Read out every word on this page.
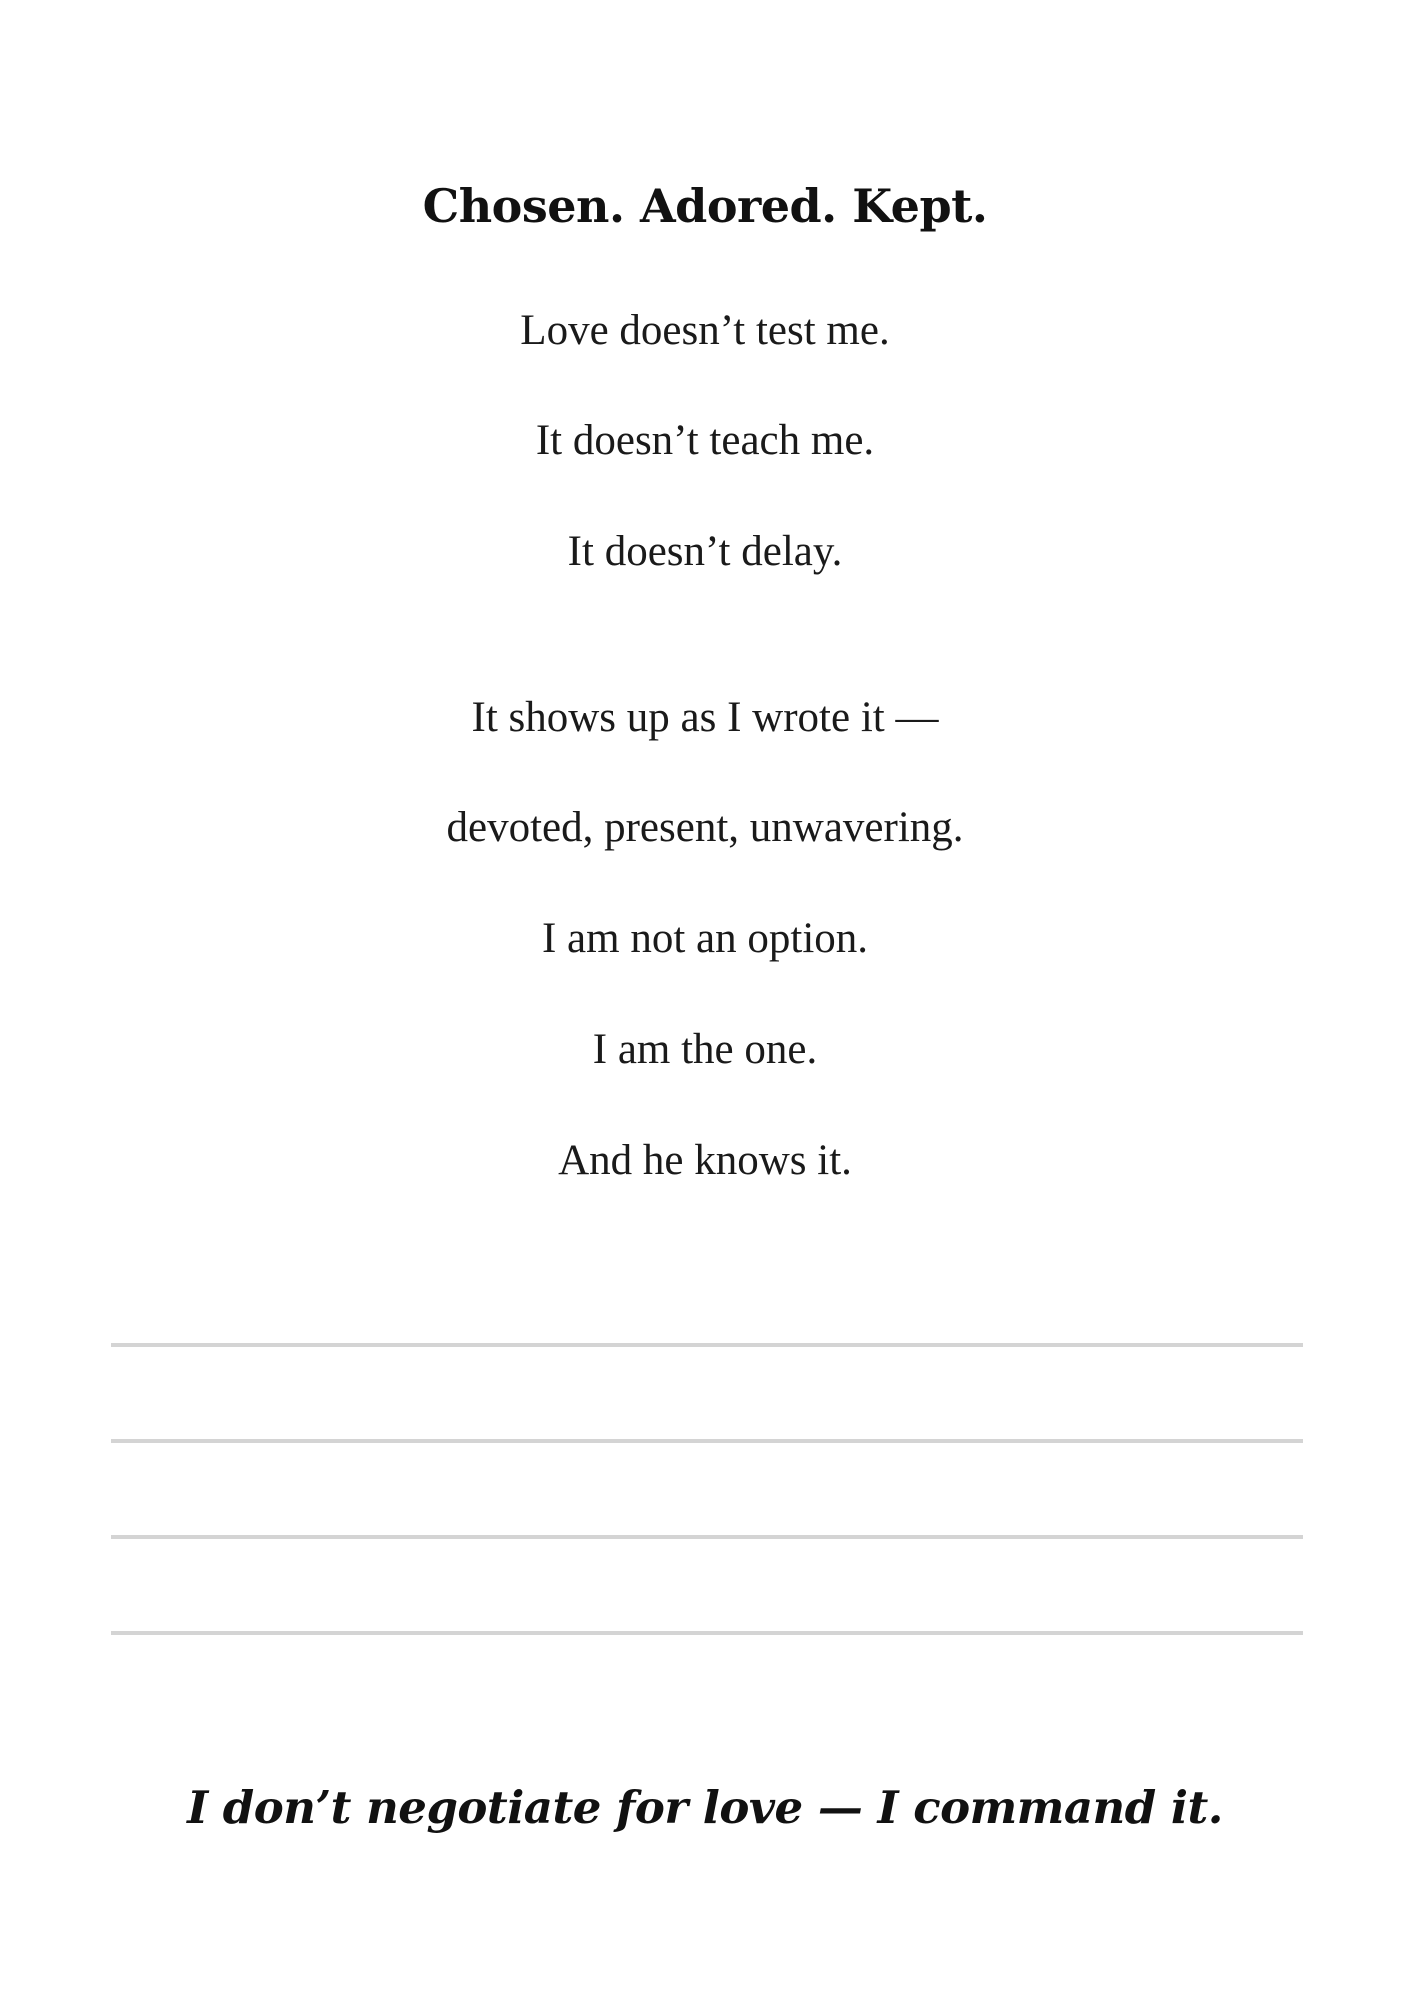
Chosen. Adored. Kept.

Love doesn’t test me.

It doesn’t teach me.

It doesn’t delay.

It shows up as I wrote it —

devoted, present, unwavering.

I am not an option.

I am the one.

And he knows it.

I don’t negotiate for love — I command it.
